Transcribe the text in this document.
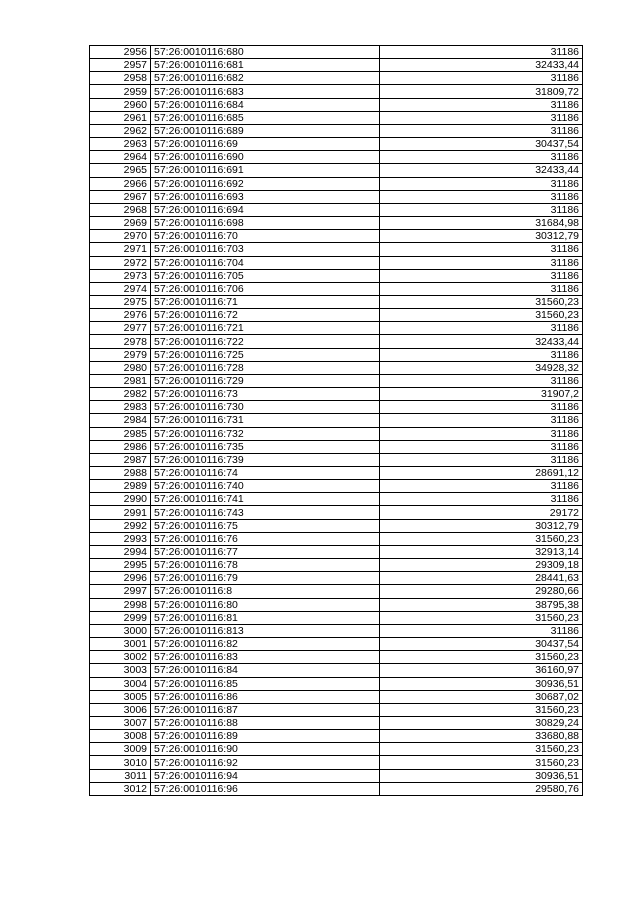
2956	57:26:0010116:680	31186
2957	57:26:0010116:681	32433,44
2958	57:26:0010116:682	31186
2959	57:26:0010116:683	31809,72
2960	57:26:0010116:684	31186
2961	57:26:0010116:685	31186
2962	57:26:0010116:689	31186
2963	57:26:0010116:69	30437,54
2964	57:26:0010116:690	31186
2965	57:26:0010116:691	32433,44
2966	57:26:0010116:692	31186
2967	57:26:0010116:693	31186
2968	57:26:0010116:694	31186
2969	57:26:0010116:698	31684,98
2970	57:26:0010116:70	30312,79
2971	57:26:0010116:703	31186
2972	57:26:0010116:704	31186
2973	57:26:0010116:705	31186
2974	57:26:0010116:706	31186
2975	57:26:0010116:71	31560,23
2976	57:26:0010116:72	31560,23
2977	57:26:0010116:721	31186
2978	57:26:0010116:722	32433,44
2979	57:26:0010116:725	31186
2980	57:26:0010116:728	34928,32
2981	57:26:0010116:729	31186
2982	57:26:0010116:73	31907,2
2983	57:26:0010116:730	31186
2984	57:26:0010116:731	31186
2985	57:26:0010116:732	31186
2986	57:26:0010116:735	31186
2987	57:26:0010116:739	31186
2988	57:26:0010116:74	28691,12
2989	57:26:0010116:740	31186
2990	57:26:0010116:741	31186
2991	57:26:0010116:743	29172
2992	57:26:0010116:75	30312,79
2993	57:26:0010116:76	31560,23
2994	57:26:0010116:77	32913,14
2995	57:26:0010116:78	29309,18
2996	57:26:0010116:79	28441,63
2997	57:26:0010116:8	29280,66
2998	57:26:0010116:80	38795,38
2999	57:26:0010116:81	31560,23
3000	57:26:0010116:813	31186
3001	57:26:0010116:82	30437,54
3002	57:26:0010116:83	31560,23
3003	57:26:0010116:84	36160,97
3004	57:26:0010116:85	30936,51
3005	57:26:0010116:86	30687,02
3006	57:26:0010116:87	31560,23
3007	57:26:0010116:88	30829,24
3008	57:26:0010116:89	33680,88
3009	57:26:0010116:90	31560,23
3010	57:26:0010116:92	31560,23
3011	57:26:0010116:94	30936,51
3012	57:26:0010116:96	29580,76
